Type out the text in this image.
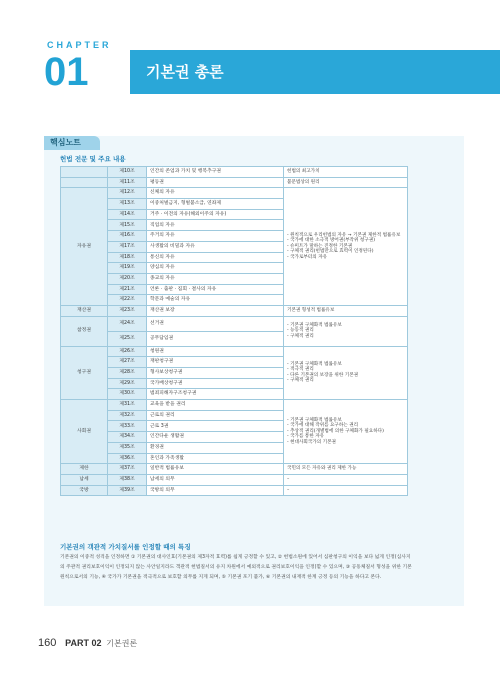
CHAPTER
01	기본권 총론
핵심노트
헌법 전문 및 주요 내용
	제10조	인간의 존엄과 가치 및 행복추구권	헌법의 최고가치
	제11조	평등권	불문법상의 원리
자유권	제12조	신체의 자유	- 원칙적으로 우리헌법의 자유 → 기본권 제한적 법률유보
- 국가에 대한 소극적 방어권(부작위 청구권)
- 슈미트가 말하는 진정한 기본권
- 구체적 권리(헌법만으로 효력이 인정된다)
- 국가로부터의 자유

	제13조	이중처벌금지, 형벌불소급, 연좌제	
	제14조	거주 · 이전의 자유(해외이주의 자유)	
	제15조	직업의 자유	
	제16조	주거의 자유	
	제17조	사생활의 비밀과 자유	
	제18조	통신의 자유	
	제19조	양심의 자유	
	제20조	종교의 자유	
	제21조	언론 · 출판 · 집회 · 결사의 자유	
	제22조	학문과 예술의 자유	
재산권	제23조	재산권 보장	기본권 형성적 법률유보
참정권	제24조	선거권	- 기본권 구체화적 법률유보
- 능동적 권리
- 구체적 권리

	제25조	공무담임권	
청구권	제26조	청원권	- 기본권 구체화적 법률유보
- 적극적 권리
- 다른 기본권의 보장을 위한 기본권
- 구체적 권리

	제27조	재판청구권	
	제28조	형사보상청구권	
	제29조	국가배상청구권	
	제30조	범죄피해자구조청구권	
사회권	제31조	교육을 받을 권리	- 기본권 구체화적 법률유보
- 국가에 대해 작위를 요구하는 권리
- 추상적 권리(개별법에 의한 구체화가 필요하다)
- 국가를 통한 자유
- 현대사회국가의 기본권

	제32조	근로의 권리	
	제33조	근로 3권	
	제34조	인간다운 생활권	
	제35조	환경권	
	제36조	혼인과 가족생활	
제한	제37조	일반적 법률유보	국민의 모든 자유와 권리 제한 가능
납세	제38조	납세의 의무	–
국방	제39조	국방의 의무	–
기본권의 객관적 가치질서를 인정할 때의 특징
기본권의 이중적 성격을 인정하면 ① 기본권의 대사인효(기본권의 제3자적 효력)를 쉽게 긍정할 수 있고, ② 헌법소원에 있어서 심판청구의 이익을 보다 넓게 인정(심사지의 주관적 권리보호이익이 인정되지 않는 사안일지라도 객관적 헌법질서의 유지 차원에서 예외적으로 권리보호이익을 인정)할 수 있으며, ③ 공동체질서 형성을 위한 기본원칙으로서의 기능, ④ 국가가 기본권을 적극적으로 보호할 의무를 지게 되며, ⑤ 기본권 포기 불가, ⑥ 기본권의 내재적 한계 긍정 등의 기능을 하다고 본다.
160 PART 02 기본권론
